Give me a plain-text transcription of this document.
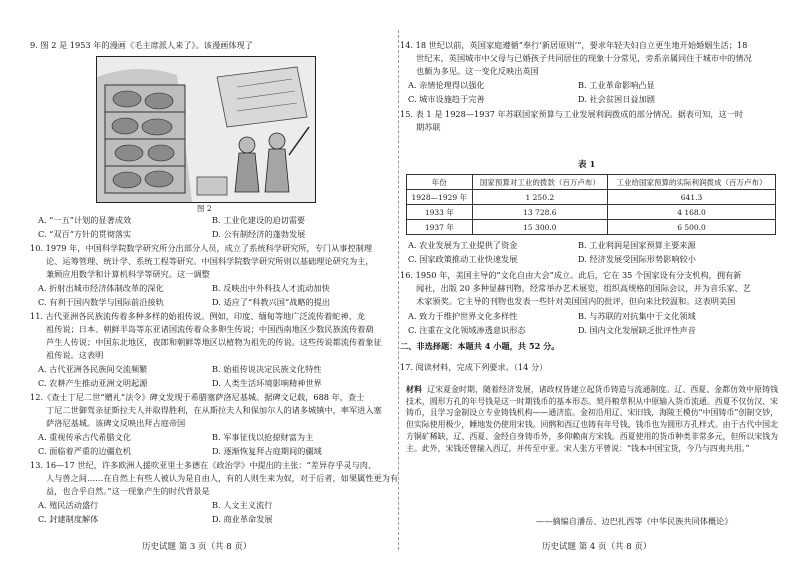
9. 图 2 是 1953 年的漫画《毛主席派人来了》。该漫画体现了
图 2
A. “一五”计划的显著成效	B. 工业化建设的迫切需要
C. “双百”方针的贯彻落实	D. 公有制经济的蓬勃发展
10. 1979 年，中国科学院数学研究所分出部分人员，成立了系统科学研究所，专门从事控制理
论、运筹管理、统计学、系统工程等研究。中国科学院数学研究所则以基础理论研究为主，
兼顾应用数学和计算机科学等研究。这一调整
A. 折射出城市经济体制改革的深化	B. 反映出中外科技人才流动加快
C. 有利于国内数学与国际前沿接轨	D. 适应了“科教兴国”战略的提出
11. 古代亚洲各民族流传着多种多样的始祖传说。例如，印度、缅甸等地广泛流传着蛇神、龙
祖传说；日本、朝鲜半岛等东亚诸国流传着众多卵生传说；中国西南地区少数民族流传着葫
芦生人传说；中国东北地区，夜郎和朝鲜等地区以植物为祖先的传说。这些传说都流传着象征
祖传说。这表明
A. 古代亚洲各民族间交流频繁	B. 始祖传说决定民族文化特性
C. 农耕产生推动亚洲文明起源	D. 人类生活环境影响精神世界
12.《查士丁尼二世“赠礼”法令》碑文发现于希腊塞萨洛尼基城。据碑文记载，688 年，查士
丁尼二世御驾亲征斯拉夫人并取得胜利，在从斯拉夫人和保加尔人的诸多城镇中，率军进入塞
萨洛尼基城。该碑文反映出拜占庭帝国
A. 重视传承古代希腊文化	B. 军事征伐以抢掠财富为主
C. 面临着严重的边疆危机	D. 逐渐恢复拜占庭期间的疆域
13. 16—17 世纪，许多欧洲人援吹亚里士多德在《政治学》中提出的主张：“差异存乎灵与肉、
人与兽之间……在自然上有些人被认为是自由人，有的人则生来为奴，对于后者，如果属性更为有
益，也合乎自然。”这一现象产生的时代背景是
A. 殖民活动盛行	B. 人文主义流行
C. 封建制度解体	D. 商业革命发展
历史试题 第 3 页（共 8 页）
14. 18 世纪以前，英国家庭遵循“奉行‘新居原则’”，要求年轻夫妇自立更生地开始婚姻生活；18
世纪末，英国城市中父母与已婚孩子共同居住的现象十分常见，旁系亲属同住于城市中的情况
也颇为多见。这一变化反映出英国
A. 亲情伦理得以强化	B. 工业革命影响凸显
C. 城市设施趋于完善	D. 社会贫困日益加剧
15. 表 1 是 1928—1937 年苏联国家预算与工业发展利润拨成的部分情况。据表可知，这一时
期苏联
表 1
年份	国家预算对工业的拨款（百万卢布）	工业给国家预算的实际利润拨成（百万卢布）
1928—1929 年	1 250.2	641.3
1933 年	13 728.6	4 168.0
1937 年	15 300.0	6 500.0
A. 农业发展为工业提供了资金	B. 工业利润是国家预算主要来源
C. 国家政策推动工业快速发展	D. 经济发展受国际形势影响较小
16. 1950 年，美国主导的“文化自由大会”成立。此后，它在 35 个国家设有分支机构，拥有新
闻社，出版 20 多种显赫刊物，经常举办艺术展览，组织高规格的国际会议，并为音乐家、艺
术家颁奖。它主导的刊物也发表一些针对美国国内的批评，但向来比较温和。这表明美国
A. 致力于维护世界文化多样性	B. 与苏联的对抗集中于文化领域
C. 注重在文化领域渗透意识形态	D. 国内文化发展缺乏批评性声音
二、非选择题：本题共 4 小题，共 52 分。
17. 阅读材料，完成下列要求。（14 分）
材料 辽宋夏金时期，随着经济发展，诸政权皆建立起货币铸造与流通制度。辽、西夏、金都仿效中原铸钱技术，圆形方孔的年号钱是这一时期钱币的基本形态。契丹粮草积从中原输入货币流通。西夏不仅仿汉、宋铸币，且学习金制设立专业铸钱机构——通济监。金初沿用辽、宋旧钱，海陵王模仿“中国铸币”创制交钞，但实际使用极少，睡地发仍使用宋钱。回鹘和西辽也铸有年号钱，钱币也为圆形方孔样式。由于古代中国北方铜矿稀缺，辽、西夏、金经自身铸币外，多仰赖南方宋钱。西夏使用的货币种类非常多元，但所以宋钱为主。此外，宋钱还曾输入西辽，并传至中亚。宋人张方平曾说：“钱本中国宝货，今乃与四夷共用。”
——摘编自潘岳、边巴扎西等《中华民族共同体概论》
历史试题 第 4 页（共 8 页）
